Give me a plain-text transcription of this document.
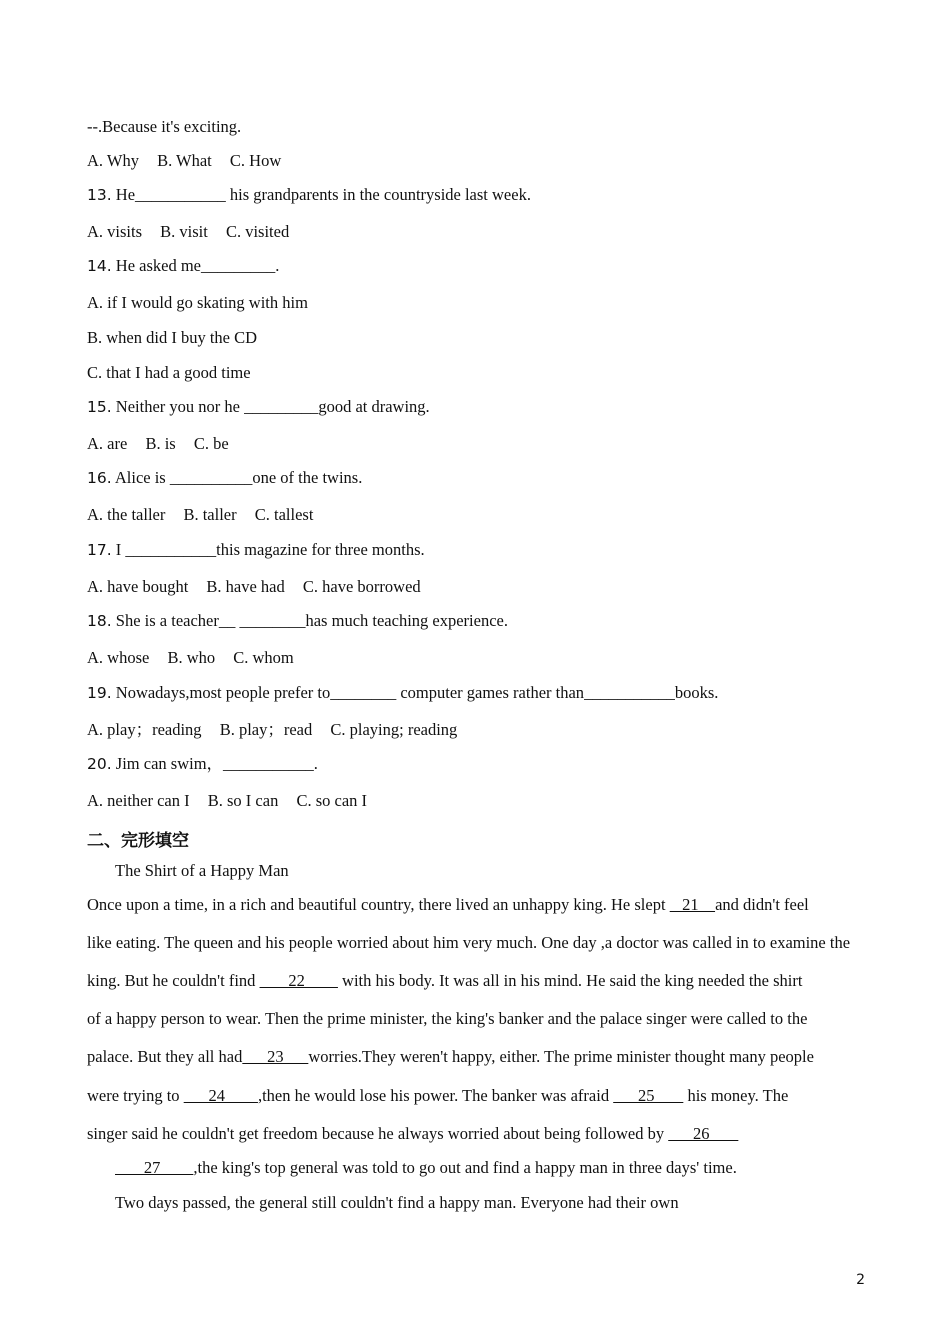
--.Because it's exciting.
A. Why B. What C. How
13. He___________ his grandparents in the countryside last week.
A. visits B. visit C. visited
14. He asked me_________.
A. if I would go skating with him
B. when did I buy the CD
C. that I had a good time
15. Neither you nor he _________good at drawing.
A. are B. is C. be
16. Alice is __________one of the twins.
A. the taller B. taller C. tallest
17. I ___________this magazine for three months.
A. have bought B. have had C. have borrowed
18. She is a teacher__ ________has much teaching experience.
A. whose B. who C. whom
19. Nowadays,most people prefer to________ computer games rather than___________books.
A. play；reading B. play；read C. playing; reading
20. Jim can swim，___________.
A. neither can I B. so I can C. so can I
二、完形填空
The Shirt of a Happy Man
Once upon a time, in a rich and beautiful country, there lived an unhappy king. He slept    21    and didn't feel
like eating. The queen and his people worried about him very much. One day ,a doctor was called in to examine the
king. But he couldn't find        22         with his body. It was all in his mind. He said the king needed the shirt
of a happy person to wear. Then the prime minister, the king's banker and the palace singer were called to the
palace. But they all had      23      worries.They weren't happy, either. The prime minister thought many people
were trying to       24        ,then he would lose his power. The banker was afraid       25        his money. The
singer said he couldn't get freedom because he always worried about being followed by       26
27        ,the king's top general was told to go out and find a happy man in three days' time.
Two days passed, the general still couldn't find a happy man. Everyone had their own
2
